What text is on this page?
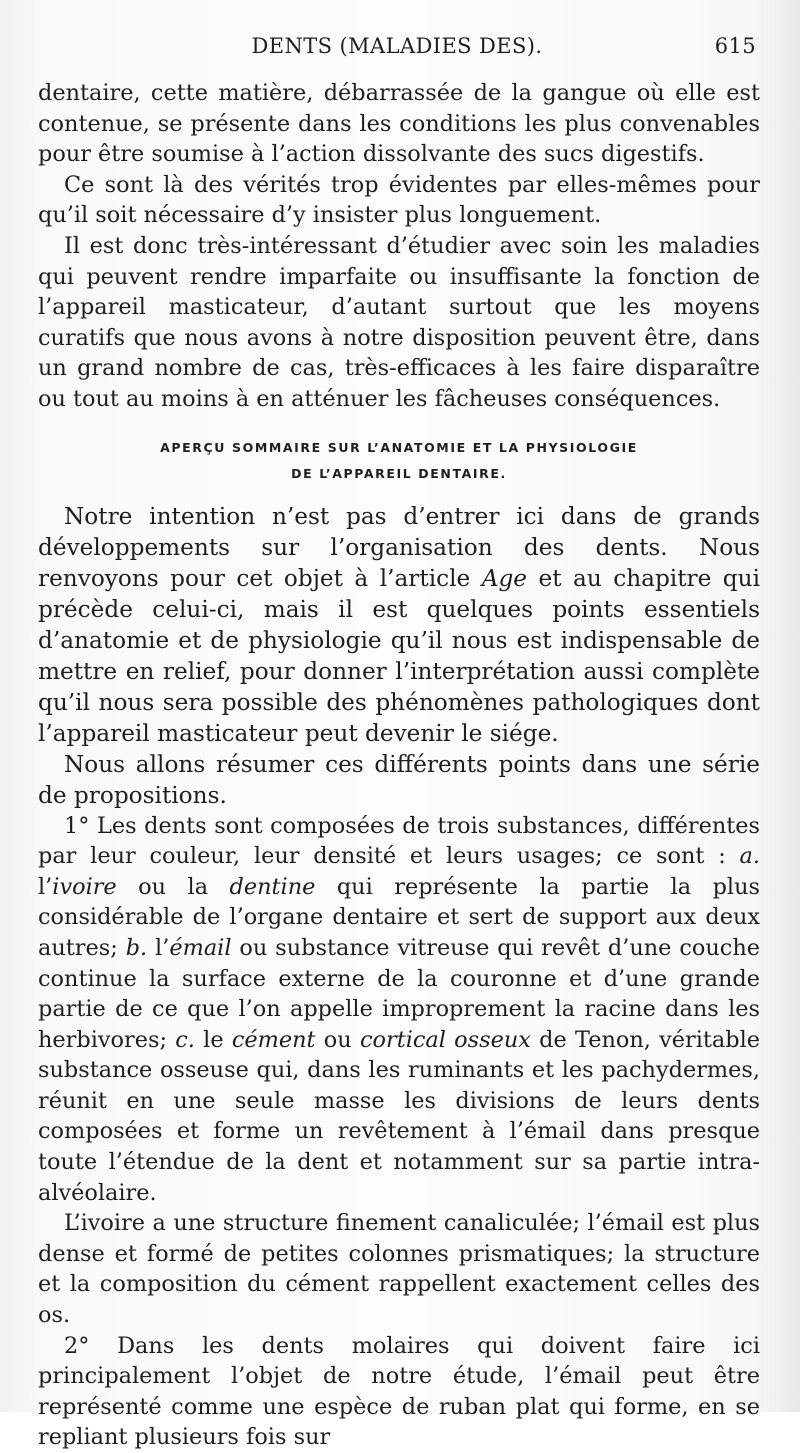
DENTS (MALADIES DES).	615

dentaire, cette matière, débarrassée de la gangue où elle est contenue, se présente dans les conditions les plus convenables pour être soumise à l’action dissolvante des sucs digestifs.

Ce sont là des vérités trop évidentes par elles-mêmes pour qu’il soit nécessaire d’y insister plus longuement.

Il est donc très-intéressant d’étudier avec soin les maladies qui peuvent rendre imparfaite ou insuffisante la fonction de l’appareil masticateur, d’autant surtout que les moyens curatifs que nous avons à notre disposition peuvent être, dans un grand nombre de cas, très-efficaces à les faire disparaître ou tout au moins à en atténuer les fâcheuses conséquences.

APERÇU SOMMAIRE SUR L’ANATOMIE ET LA PHYSIOLOGIE
DE L’APPAREIL DENTAIRE.

Notre intention n’est pas d’entrer ici dans de grands développements sur l’organisation des dents. Nous renvoyons pour cet objet à l’article Age et au chapitre qui précède celui-ci, mais il est quelques points essentiels d’anatomie et de physiologie qu’il nous est indispensable de mettre en relief, pour donner l’interprétation aussi complète qu’il nous sera possible des phénomènes pathologiques dont l’appareil masticateur peut devenir le siége.

Nous allons résumer ces différents points dans une série de propositions.

1° Les dents sont composées de trois substances, différentes par leur couleur, leur densité et leurs usages; ce sont : a. l’ivoire ou la dentine qui représente la partie la plus considérable de l’organe dentaire et sert de support aux deux autres; b. l’émail ou substance vitreuse qui revêt d’une couche continue la surface externe de la couronne et d’une grande partie de ce que l’on appelle improprement la racine dans les herbivores; c. le cément ou cortical osseux de Tenon, véritable substance osseuse qui, dans les ruminants et les pachydermes, réunit en une seule masse les divisions de leurs dents composées et forme un revêtement à l’émail dans presque toute l’étendue de la dent et notamment sur sa partie intra-alvéolaire.

L’ivoire a une structure finement canaliculée; l’émail est plus dense et formé de petites colonnes prismatiques; la structure et la composition du cément rappellent exactement celles des os.

2° Dans les dents molaires qui doivent faire ici principalement l’objet de notre étude, l’émail peut être représenté comme une espèce de ruban plat qui forme, en se repliant plusieurs fois sur
